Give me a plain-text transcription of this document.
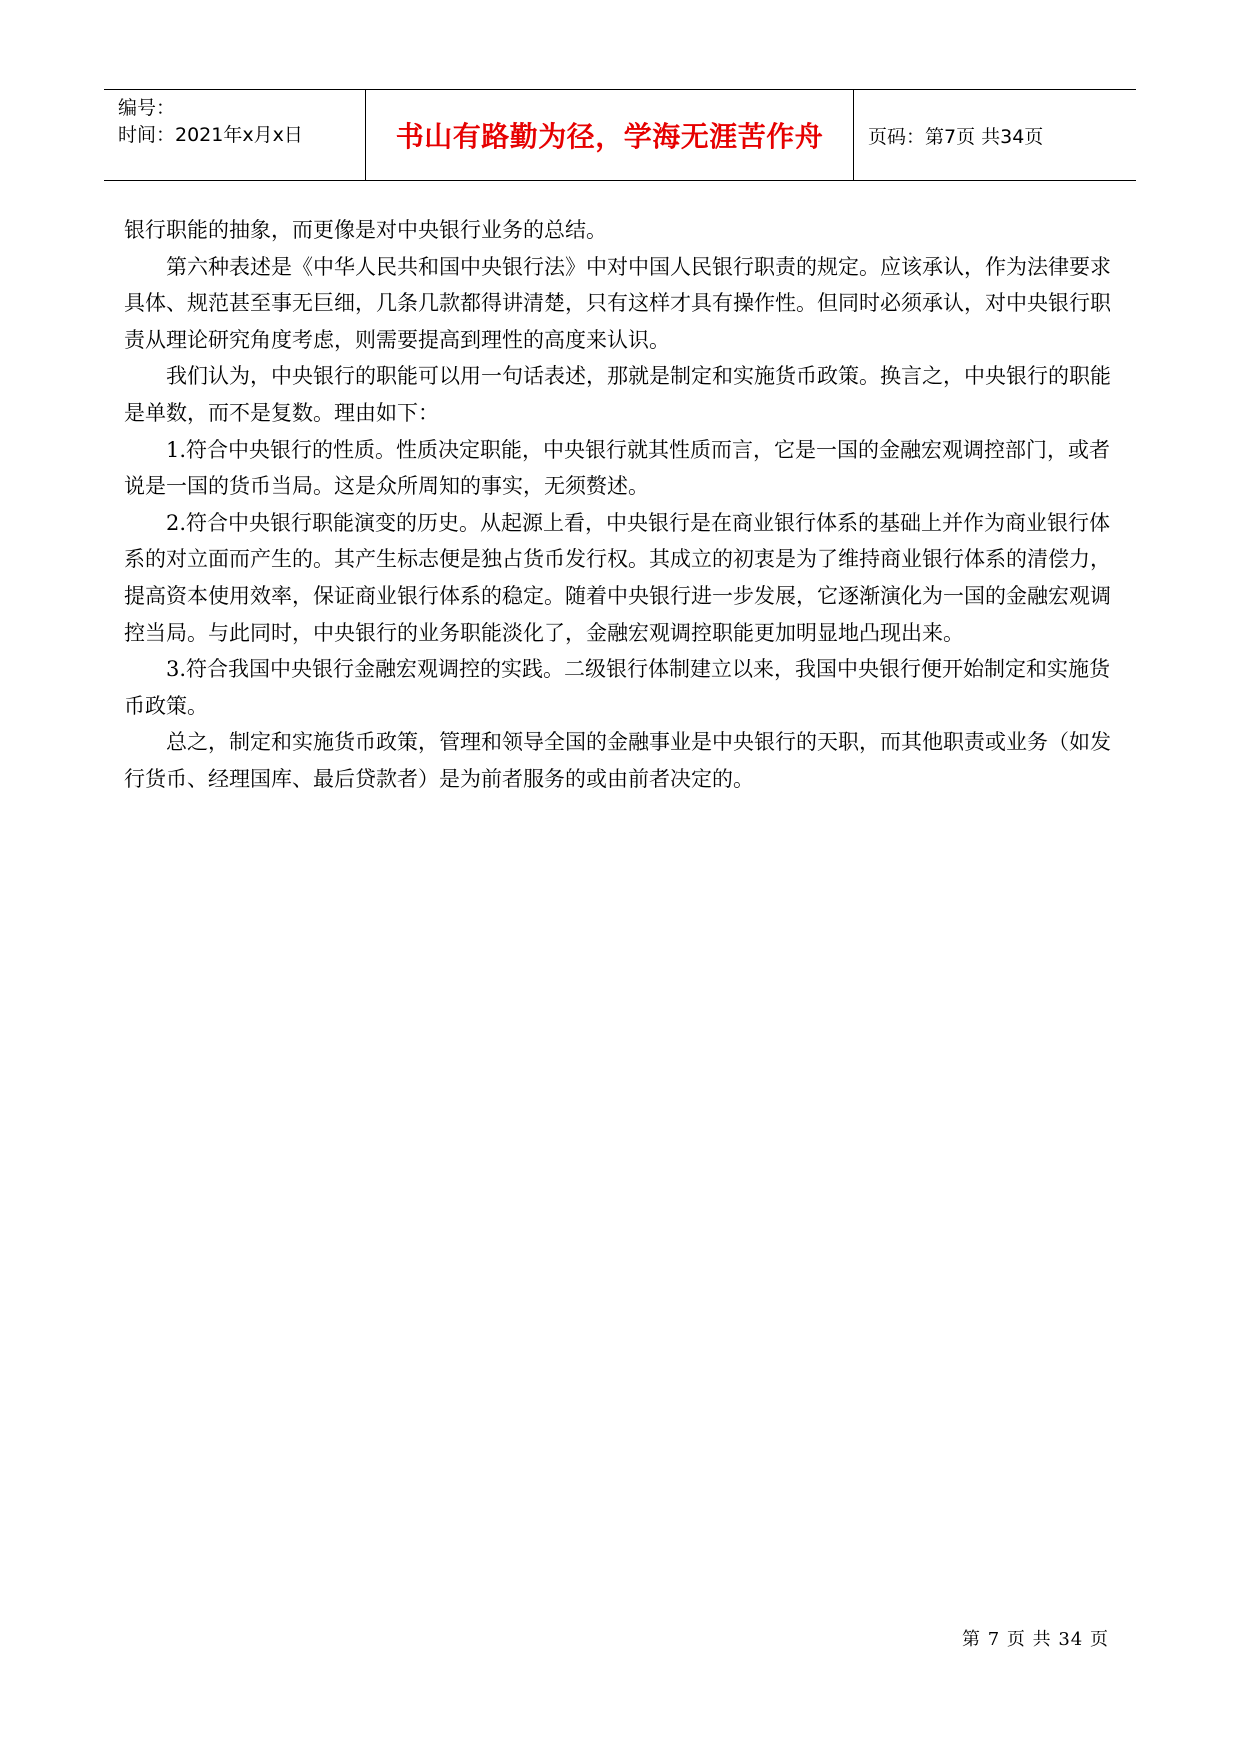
编号：
时间：2021年x月x日	书山有路勤为径，学海无涯苦作舟	页码：第7页 共34页

银行职能的抽象，而更像是对中央银行业务的总结。

第六种表述是《中华人民共和国中央银行法》中对中国人民银行职责的规定。应该承认，作为法律要求具体、规范甚至事无巨细，几条几款都得讲清楚，只有这样才具有操作性。但同时必须承认，对中央银行职责从理论研究角度考虑，则需要提高到理性的高度来认识。

我们认为，中央银行的职能可以用一句话表述，那就是制定和实施货币政策。换言之，中央银行的职能是单数，而不是复数。理由如下：

1.符合中央银行的性质。性质决定职能，中央银行就其性质而言，它是一国的金融宏观调控部门，或者说是一国的货币当局。这是众所周知的事实，无须赘述。

2.符合中央银行职能演变的历史。从起源上看，中央银行是在商业银行体系的基础上并作为商业银行体系的对立面而产生的。其产生标志便是独占货币发行权。其成立的初衷是为了维持商业银行体系的清偿力，提高资本使用效率，保证商业银行体系的稳定。随着中央银行进一步发展，它逐渐演化为一国的金融宏观调控当局。与此同时，中央银行的业务职能淡化了，金融宏观调控职能更加明显地凸现出来。

3.符合我国中央银行金融宏观调控的实践。二级银行体制建立以来，我国中央银行便开始制定和实施货币政策。

总之，制定和实施货币政策，管理和领导全国的金融事业是中央银行的天职，而其他职责或业务（如发行货币、经理国库、最后贷款者）是为前者服务的或由前者决定的。

第 7 页 共 34 页
